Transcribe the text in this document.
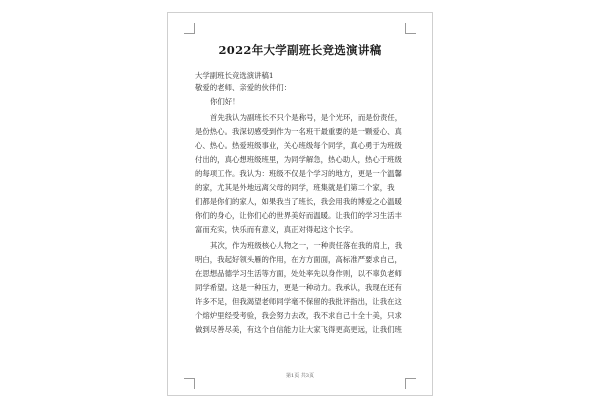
2022年大学副班长竞选演讲稿
大学副班长竞选演讲稿1
敬爱的老师、亲爱的伙伴们：
你们好！
首先我认为副班长不只个是称号，是个光环，而是份责任，
是份热心。我深切感受到作为一名班干最重要的是一颗爱心、真
心、热心。热爱班级事业，关心班级每个同学，真心勇于为班级
付出的，真心想班级班里，为同学解急，热心助人，热心于班级
的每项工作。我认为：班级不仅是个学习的地方，更是一个温馨
的家，尤其是外地远离父母的同学，班集就是们第二个家，我
们都是你们的家人，如果我当了班长，我会用我的博爱之心温暖
你们的身心，让你们心的世界美好而温暖。让我们的学习生活丰
富而充实，快乐而有意义，真正对得起这个长字。
其次，作为班级核心人物之一，一种责任落在我的肩上，我
明白，我起好领头雁的作用，在方方面面，高标准严要求自己，
在思想品德学习生活等方面，处处率先以身作则，以不辜负老师
同学希望。这是一种压力，更是一种动力。我承认，我现在还有
许多不足，但我渴望老师同学毫不保留的我批评指出，让我在这
个熔炉里经受考验，我会努力去改，我不求自己十全十美，只求
做到尽善尽美，有这个自信能力让大家飞得更高更远，让我们班
第1页 共3页
